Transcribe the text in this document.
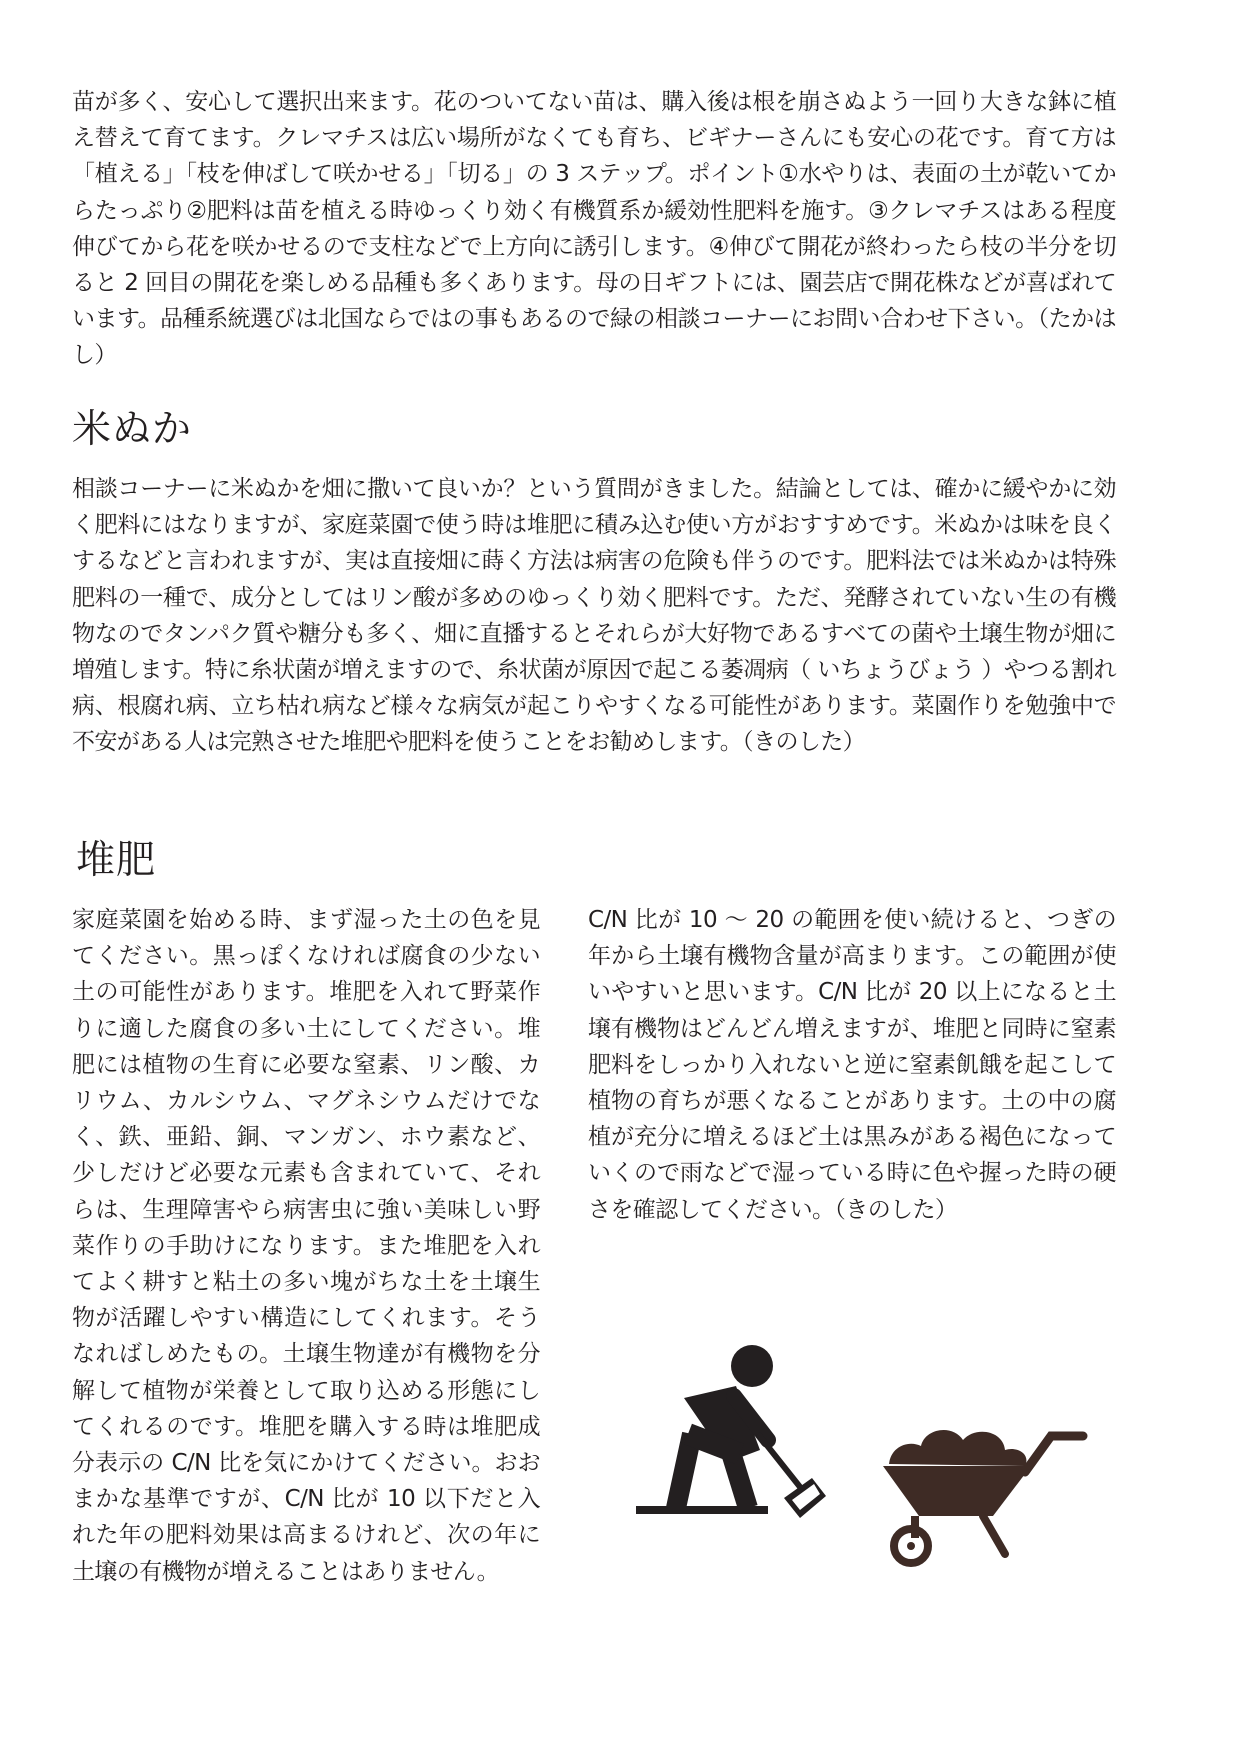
苗が多く、安心して選択出来ます。花のついてない苗は、購入後は根を崩さぬよう一回り大きな鉢に植え替えて育てます。クレマチスは広い場所がなくても育ち、ビギナーさんにも安心の花です。育て方は「植える」「枝を伸ばして咲かせる」「切る」の 3 ステップ。ポイント①水やりは、表面の土が乾いてからたっぷり②肥料は苗を植える時ゆっくり効く有機質系か緩効性肥料を施す。③クレマチスはある程度伸びてから花を咲かせるので支柱などで上方向に誘引します。④伸びて開花が終わったら枝の半分を切ると 2 回目の開花を楽しめる品種も多くあります。母の日ギフトには、園芸店で開花株などが喜ばれています。品種系統選びは北国ならではの事もあるので緑の相談コーナーにお問い合わせ下さい。（たかはし）

米ぬか

相談コーナーに米ぬかを畑に撒いて良いか？という質問がきました。結論としては、確かに緩やかに効く肥料にはなりますが、家庭菜園で使う時は堆肥に積み込む使い方がおすすめです。米ぬかは味を良くするなどと言われますが、実は直接畑に蒔く方法は病害の危険も伴うのです。肥料法では米ぬかは特殊肥料の一種で、成分としてはリン酸が多めのゆっくり効く肥料です。ただ、発酵されていない生の有機物なのでタンパク質や糖分も多く、畑に直播するとそれらが大好物であるすべての菌や土壌生物が畑に増殖します。特に糸状菌が増えますので、糸状菌が原因で起こる萎凋病（ いちょうびょう ）やつる割れ病、根腐れ病、立ち枯れ病など様々な病気が起こりやすくなる可能性があります。菜園作りを勉強中で不安がある人は完熟させた堆肥や肥料を使うことをお勧めします。（きのした）

堆肥

家庭菜園を始める時、まず湿った土の色を見てください。黒っぽくなければ腐食の少ない土の可能性があります。堆肥を入れて野菜作りに適した腐食の多い土にしてください。堆肥には植物の生育に必要な窒素、リン酸、カリウム、カルシウム、マグネシウムだけでなく、鉄、亜鉛、銅、マンガン、ホウ素など、少しだけど必要な元素も含まれていて、それらは、生理障害やら病害虫に強い美味しい野菜作りの手助けになります。また堆肥を入れてよく耕すと粘土の多い塊がちな土を土壌生物が活躍しやすい構造にしてくれます。そうなればしめたもの。土壌生物達が有機物を分解して植物が栄養として取り込める形態にしてくれるのです。堆肥を購入する時は堆肥成分表示の C/N 比を気にかけてください。おおまかな基準ですが、C/N 比が 10 以下だと入れた年の肥料効果は高まるけれど、次の年に土壌の有機物が増えることはありません。

C/N 比が 10 ～ 20 の範囲を使い続けると、つぎの年から土壌有機物含量が高まります。この範囲が使いやすいと思います。C/N 比が 20 以上になると土壌有機物はどんどん増えますが、堆肥と同時に窒素肥料をしっかり入れないと逆に窒素飢餓を起こして植物の育ちが悪くなることがあります。土の中の腐植が充分に増えるほど土は黒みがある褐色になっていくので雨などで湿っている時に色や握った時の硬さを確認してください。（きのした）
